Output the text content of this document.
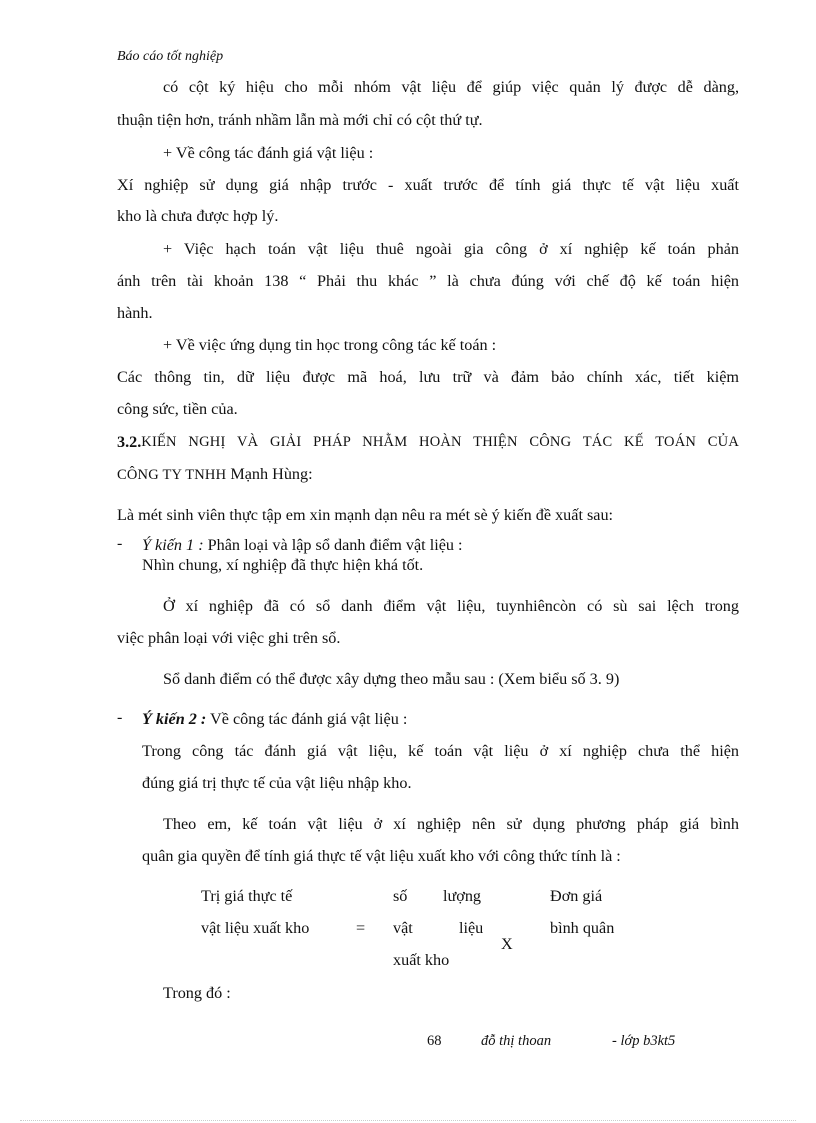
Báo cáo tốt nghiệp
có cột ký hiệu cho mỗi nhóm vật liệu để giúp việc quản lý được dễ dàng,
thuận tiện hơn, tránh nhầm lẫn mà mới chỉ có cột thứ tự.
+ Về công tác đánh giá vật liệu :
Xí nghiệp sử dụng giá nhập trước - xuất trước để tính giá thực tế vật liệu xuất
kho là chưa được hợp lý.
+ Việc hạch toán vật liệu thuê ngoài gia công ở xí nghiệp kế toán phản
ánh trên tài khoản 138 “ Phải thu khác ” là chưa đúng với chế độ kế toán hiện
hành.
+ Về việc ứng dụng tin học trong công tác kế toán :
Các thông tin, dữ liệu được mã hoá, lưu trữ và đảm bảo chính xác, tiết kiệm
công sức, tiền của.
3.2. KIẾN NGHỊ VÀ GIẢI PHÁP NHẰM HOÀN THIỆN CÔNG TÁC KẾ TOÁN CỦA
CÔNG TY TNHH Mạnh Hùng:
Là mét sinh viên thực tập em xin mạnh dạn nêu ra mét sè ý kiến đề xuất sau:
- Ý kiến 1 : Phân loại và lập sổ danh điểm vật liệu :
Nhìn chung, xí nghiệp đã thực hiện khá tốt.
Ở xí nghiệp đã có sổ danh điểm vật liệu, tuynhiêncòn có sù sai lệch trong
việc phân loại với việc ghi trên sổ.
Sổ danh điểm có thể được xây dựng theo mẫu sau : (Xem biểu số 3. 9)
- Ý kiến 2 : Về công tác đánh giá vật liệu :
Trong công tác đánh giá vật liệu, kế toán vật liệu ở xí nghiệp chưa thể hiện
đúng giá trị thực tế của vật liệu nhập kho.
Theo em, kế toán vật liệu ở xí nghiệp nên sử dụng phương pháp giá bình
quân gia quyền để tính giá thực tế vật liệu xuất kho với công thức tính là :
Trị giá thực tế
vật liệu xuất kho	=
số lượng
vật	liệu
xuất kho
X
Đơn giá
bình quân
Trong đó :
68	đỗ thị thoan	- lớp b3kt5
